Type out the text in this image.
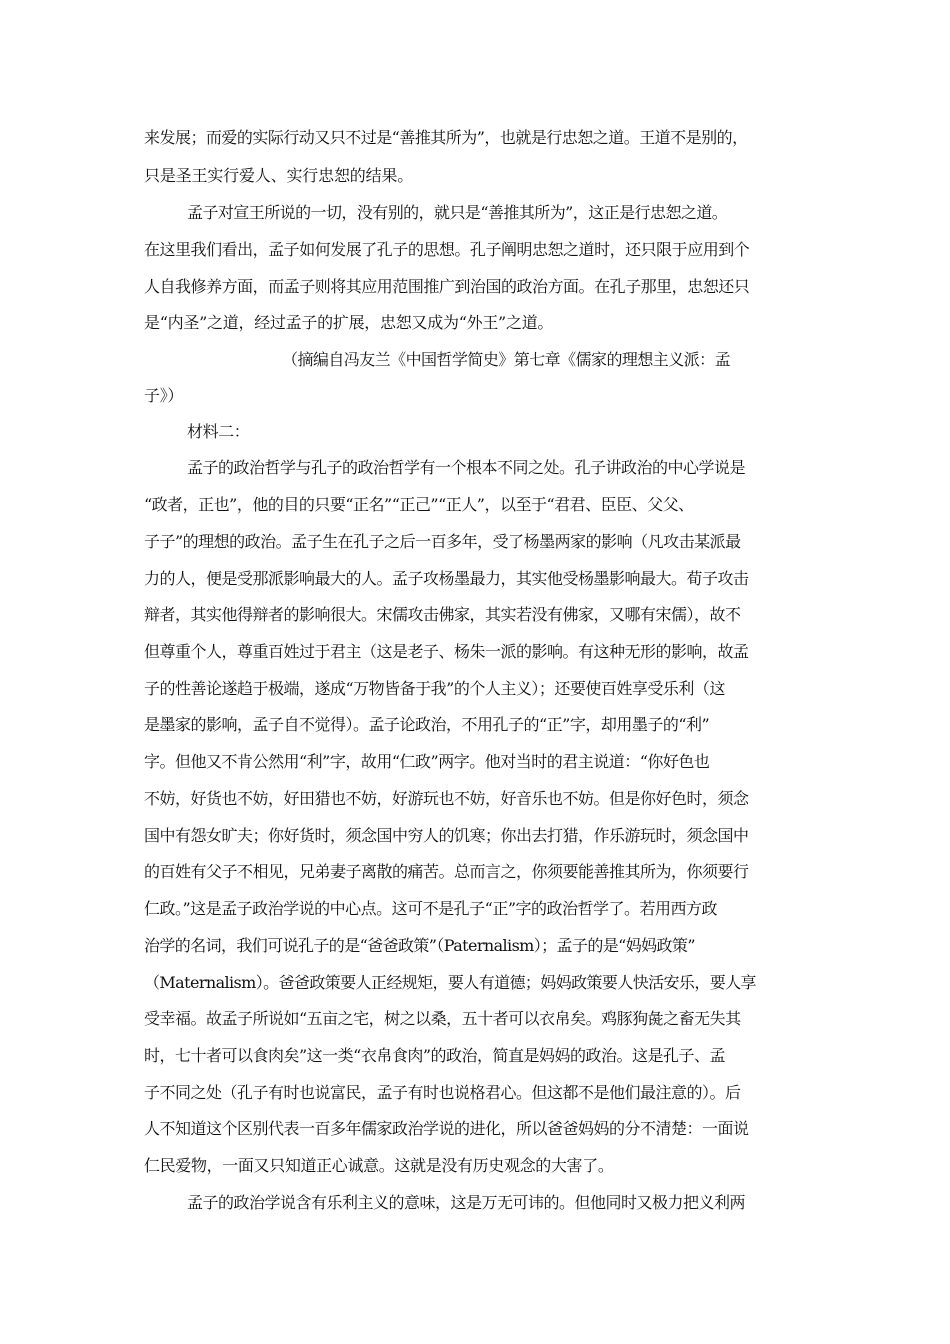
来发展；而爱的实际行动又只不过是“善推其所为”，也就是行忠恕之道。王道不是别的，
只是圣王实行爱人、实行忠恕的结果。
孟子对宣王所说的一切，没有别的，就只是“善推其所为”，这正是行忠恕之道。
在这里我们看出，孟子如何发展了孔子的思想。孔子阐明忠恕之道时，还只限于应用到个
人自我修养方面，而孟子则将其应用范围推广到治国的政治方面。在孔子那里，忠恕还只
是“内圣”之道，经过孟子的扩展，忠恕又成为“外王”之道。
（摘编自冯友兰《中国哲学简史》第七章《儒家的理想主义派：孟
子》）
材料二：
孟子的政治哲学与孔子的政治哲学有一个根本不同之处。孔子讲政治的中心学说是
“政者，正也”，他的目的只要“正名”“正己”“正人”，以至于“君君、臣臣、父父、
子子”的理想的政治。孟子生在孔子之后一百多年，受了杨墨两家的影响（凡攻击某派最
力的人，便是受那派影响最大的人。孟子攻杨墨最力，其实他受杨墨影响最大。荀子攻击
辩者，其实他得辩者的影响很大。宋儒攻击佛家，其实若没有佛家，又哪有宋儒），故不
但尊重个人，尊重百姓过于君主（这是老子、杨朱一派的影响。有这种无形的影响，故孟
子的性善论遂趋于极端，遂成“万物皆备于我”的个人主义）；还要使百姓享受乐利（这
是墨家的影响，孟子自不觉得）。孟子论政治，不用孔子的“正”字，却用墨子的“利”
字。但他又不肯公然用“利”字，故用“仁政”两字。他对当时的君主说道：“你好色也
不妨，好货也不妨，好田猎也不妨，好游玩也不妨，好音乐也不妨。但是你好色时，须念
国中有怨女旷夫；你好货时，须念国中穷人的饥寒；你出去打猎，作乐游玩时，须念国中
的百姓有父子不相见，兄弟妻子离散的痛苦。总而言之，你须要能善推其所为，你须要行
仁政。”这是孟子政治学说的中心点。这可不是孔子“正”字的政治哲学了。若用西方政
治学的名词，我们可说孔子的是“爸爸政策”（Paternalism）；孟子的是“妈妈政策”
（Maternalism）。爸爸政策要人正经规矩，要人有道德；妈妈政策要人快活安乐，要人享
受幸福。故孟子所说如“五亩之宅，树之以桑，五十者可以衣帛矣。鸡豚狗彘之畜无失其
时，七十者可以食肉矣”这一类“衣帛食肉”的政治，简直是妈妈的政治。这是孔子、孟
子不同之处（孔子有时也说富民，孟子有时也说格君心。但这都不是他们最注意的）。后
人不知道这个区别代表一百多年儒家政治学说的进化，所以爸爸妈妈的分不清楚：一面说
仁民爱物，一面又只知道正心诚意。这就是没有历史观念的大害了。
孟子的政治学说含有乐利主义的意味，这是万无可讳的。但他同时又极力把义利两
